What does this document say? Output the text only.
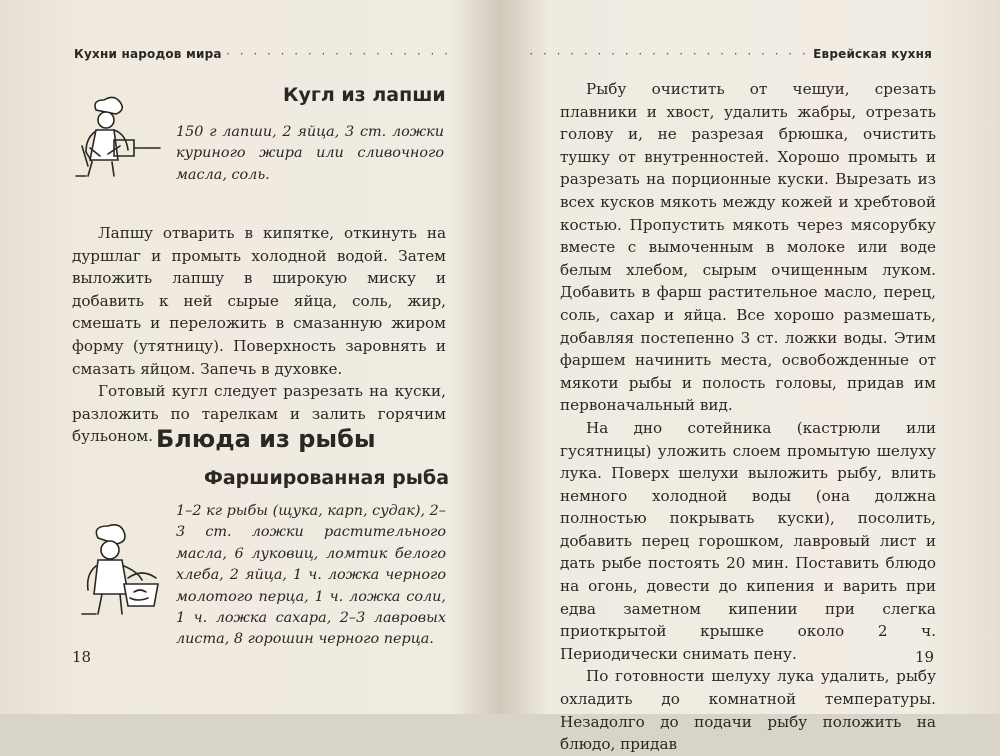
Кухни народов мира · · · · · · · · · · · · · · · · ·
Кугл из лапши
150 г лапши, 2 яйца, 3 ст. ложки куриного жира или сливочного масла, соль.

Лапшу отварить в кипятке, откинуть на дуршлаг и промыть холодной водой. Затем выложить лапшу в широкую миску и добавить к ней сырые яйца, соль, жир, смешать и переложить в смазанную жиром форму (утятницу). Поверхность заровнять и смазать яйцом. Запечь в духовке.

Готовый кугл следует разрезать на куски, разложить по тарелкам и залить горячим бульоном. Блюда из рыбы
Фаршированная рыба
1–2 кг рыбы (щука, карп, судак), 2–3 ст. ложки растительного масла, 6 луковиц, ломтик белого хлеба, 2 яйца, 1 ч. ложка черного молотого перца, 1 ч. ложка соли, 1 ч. ложка сахара, 2–3 лавровых листа, 8 горошин черного перца.
18
· · · · · · · · · · · · · · · · · · · · · Еврейская кухня

Рыбу очистить от чешуи, срезать плавники и хвост, удалить жабры, отрезать голову и, не разрезая брюшка, очистить тушку от внутренностей. Хорошо промыть и разрезать на порционные куски. Вырезать из всех кусков мякоть между кожей и хребтовой костью. Пропустить мякоть через мясорубку вместе с вымоченным в молоке или воде белым хлебом, сырым очищенным луком. Добавить в фарш растительное масло, перец, соль, сахар и яйца. Все хорошо размешать, добавляя постепенно 3 ст. ложки воды. Этим фаршем начинить места, освобожденные от мякоти рыбы и полость головы, придав им первоначальный вид.

На дно сотейника (кастрюли или гусятницы) уложить слоем промытую шелуху лука. Поверх шелухи выложить рыбу, влить немного холодной воды (она должна полностью покрывать куски), посолить, добавить перец горошком, лавровый лист и дать рыбе постоять 20 мин. Поставить блюдо на огонь, довести до кипения и варить при едва заметном кипении при слегка приоткрытой крышке около 2 ч. Периодически снимать пену.

По готовности шелуху лука удалить, рыбу охладить до комнатной температуры. Незадолго до подачи рыбу положить на блюдо, придав

19
